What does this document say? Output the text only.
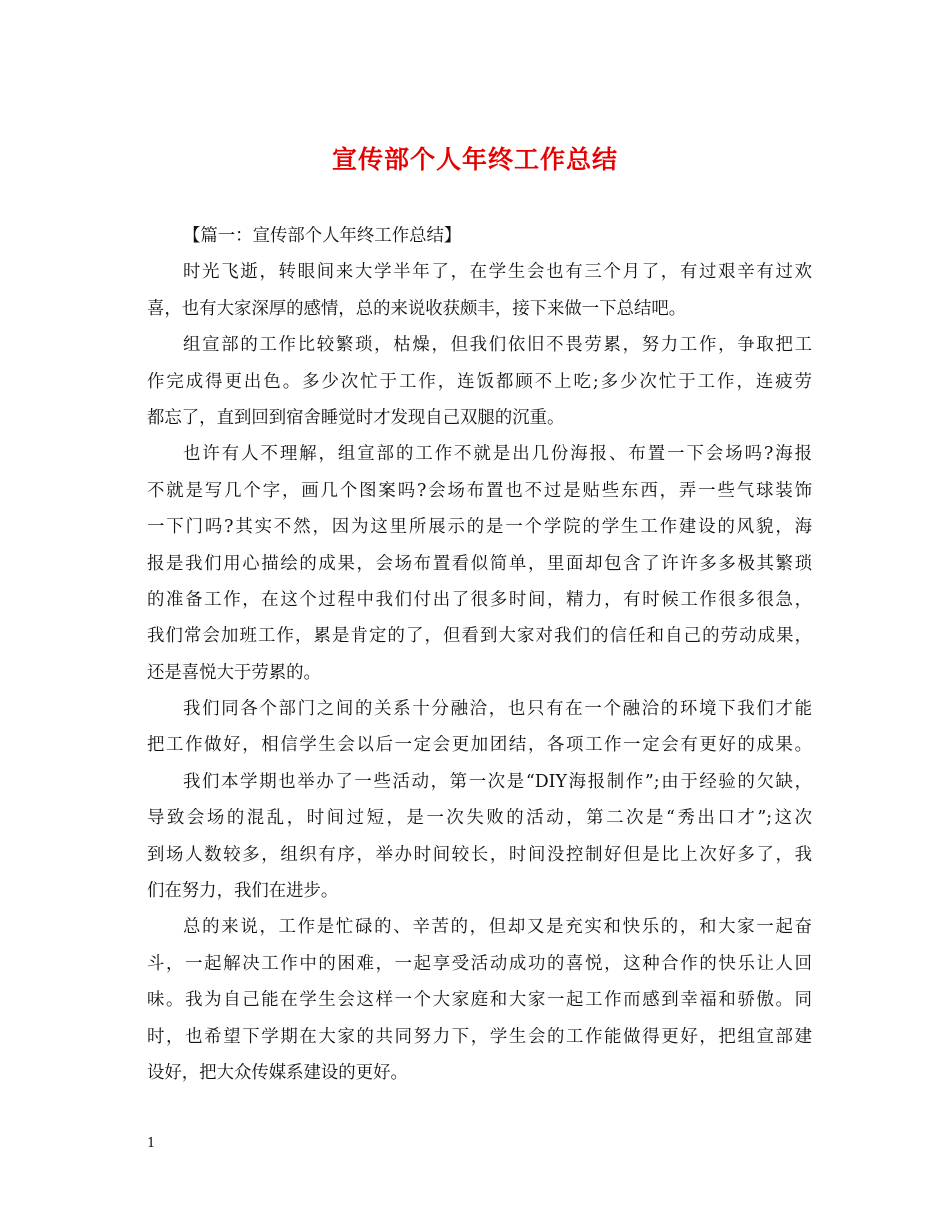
宣传部个人年终工作总结
【篇一：宣传部个人年终工作总结】
时光飞逝，转眼间来大学半年了，在学生会也有三个月了，有过艰辛有过欢
喜，也有大家深厚的感情，总的来说收获颇丰，接下来做一下总结吧。
组宣部的工作比较繁琐，枯燥，但我们依旧不畏劳累，努力工作，争取把工
作完成得更出色。多少次忙于工作，连饭都顾不上吃;多少次忙于工作，连疲劳
都忘了，直到回到宿舍睡觉时才发现自己双腿的沉重。
也许有人不理解，组宣部的工作不就是出几份海报、布置一下会场吗?海报
不就是写几个字，画几个图案吗?会场布置也不过是贴些东西，弄一些气球装饰
一下门吗?其实不然，因为这里所展示的是一个学院的学生工作建设的风貌，海
报是我们用心描绘的成果，会场布置看似简单，里面却包含了许许多多极其繁琐
的准备工作，在这个过程中我们付出了很多时间，精力，有时候工作很多很急，
我们常会加班工作，累是肯定的了，但看到大家对我们的信任和自己的劳动成果，
还是喜悦大于劳累的。
我们同各个部门之间的关系十分融洽，也只有在一个融洽的环境下我们才能
把工作做好，相信学生会以后一定会更加团结，各项工作一定会有更好的成果。
我们本学期也举办了一些活动，第一次是“DIY海报制作”;由于经验的欠缺，
导致会场的混乱，时间过短，是一次失败的活动，第二次是“秀出口才”;这次
到场人数较多，组织有序，举办时间较长，时间没控制好但是比上次好多了，我
们在努力，我们在进步。
总的来说，工作是忙碌的、辛苦的，但却又是充实和快乐的，和大家一起奋
斗，一起解决工作中的困难，一起享受活动成功的喜悦，这种合作的快乐让人回
味。我为自己能在学生会这样一个大家庭和大家一起工作而感到幸福和骄傲。同
时，也希望下学期在大家的共同努力下，学生会的工作能做得更好，把组宣部建
设好，把大众传媒系建设的更好。
1
